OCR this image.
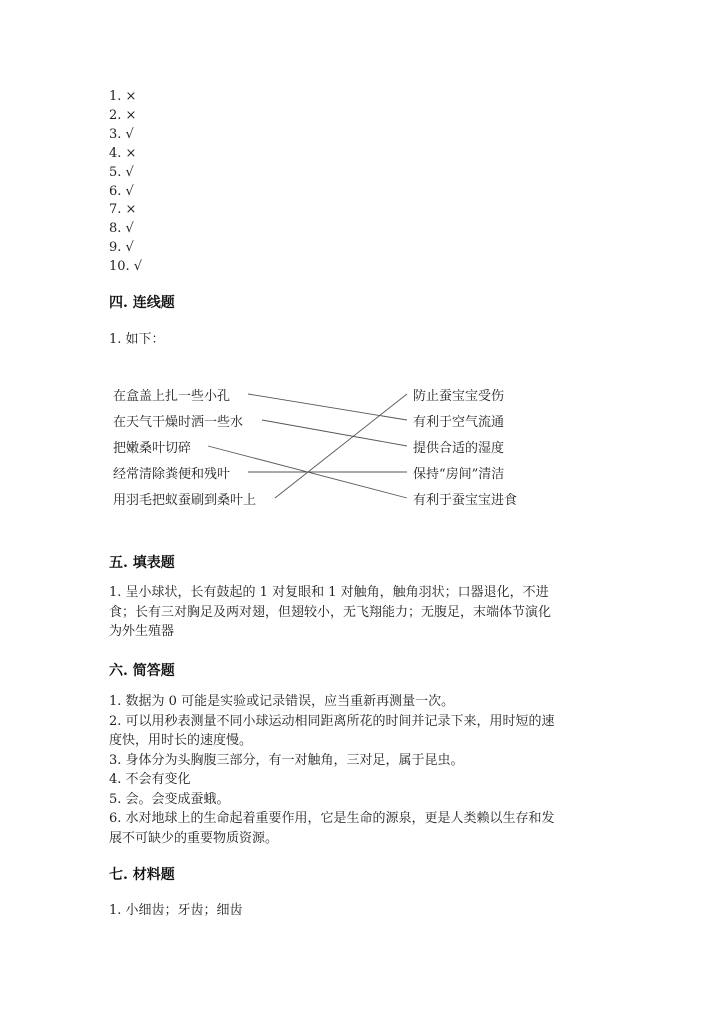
1. ×
2. ×
3. √
4. ×
5. √
6. √
7. ×
8. √
9. √
10. √
四. 连线题
1. 如下：
在盒盖上扎一些小孔
在天气干燥时洒一些水
把嫩桑叶切碎
经常清除粪便和残叶
用羽毛把蚁蚕刷到桑叶上
防止蚕宝宝受伤
有利于空气流通
提供合适的湿度
保持“房间”清洁
有利于蚕宝宝进食
五. 填表题
1. 呈小球状，长有鼓起的 1 对复眼和 1 对触角，触角羽状；口器退化，不进
食；长有三对胸足及两对翅，但翅较小，无飞翔能力；无腹足，末端体节演化
为外生殖器
六. 简答题
1. 数据为 0 可能是实验或记录错误，应当重新再测量一次。
2. 可以用秒表测量不同小球运动相同距离所花的时间并记录下来，用时短的速
度快，用时长的速度慢。
3. 身体分为头胸腹三部分，有一对触角，三对足，属于昆虫。
4. 不会有变化
5. 会。会变成蚕蛾。
6. 水对地球上的生命起着重要作用，它是生命的源泉，更是人类赖以生存和发
展不可缺少的重要物质资源。
七. 材料题
1. 小细齿；牙齿；细齿
